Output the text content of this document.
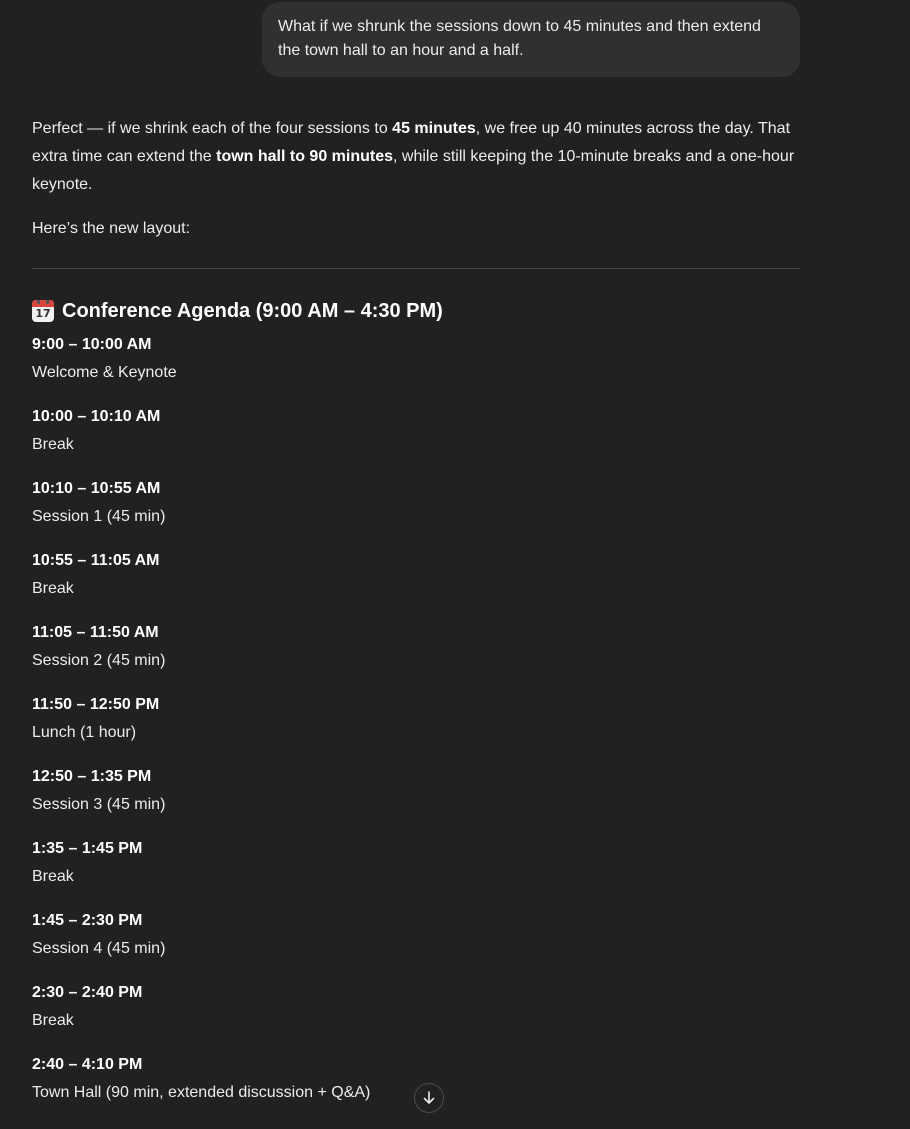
What if we shrunk the sessions down to 45 minutes and then extend
the town hall to an hour and a half.

Perfect — if we shrink each of the four sessions to 45 minutes, we free up 40 minutes across the day. That extra time can extend the town hall to 90 minutes, while still keeping the 10-minute breaks and a one-hour keynote.

Here’s the new layout:

17 Conference Agenda (9:00 AM – 4:30 PM)
9:00 – 10:00 AM
Welcome & Keynote
10:00 – 10:10 AM
Break
10:10 – 10:55 AM
Session 1 (45 min)
10:55 – 11:05 AM
Break
11:05 – 11:50 AM
Session 2 (45 min)
11:50 – 12:50 PM
Lunch (1 hour)
12:50 – 1:35 PM
Session 3 (45 min)
1:35 – 1:45 PM
Break
1:45 – 2:30 PM
Session 4 (45 min)
2:30 – 2:40 PM
Break
2:40 – 4:10 PM
Town Hall (90 min, extended discussion + Q&A)
